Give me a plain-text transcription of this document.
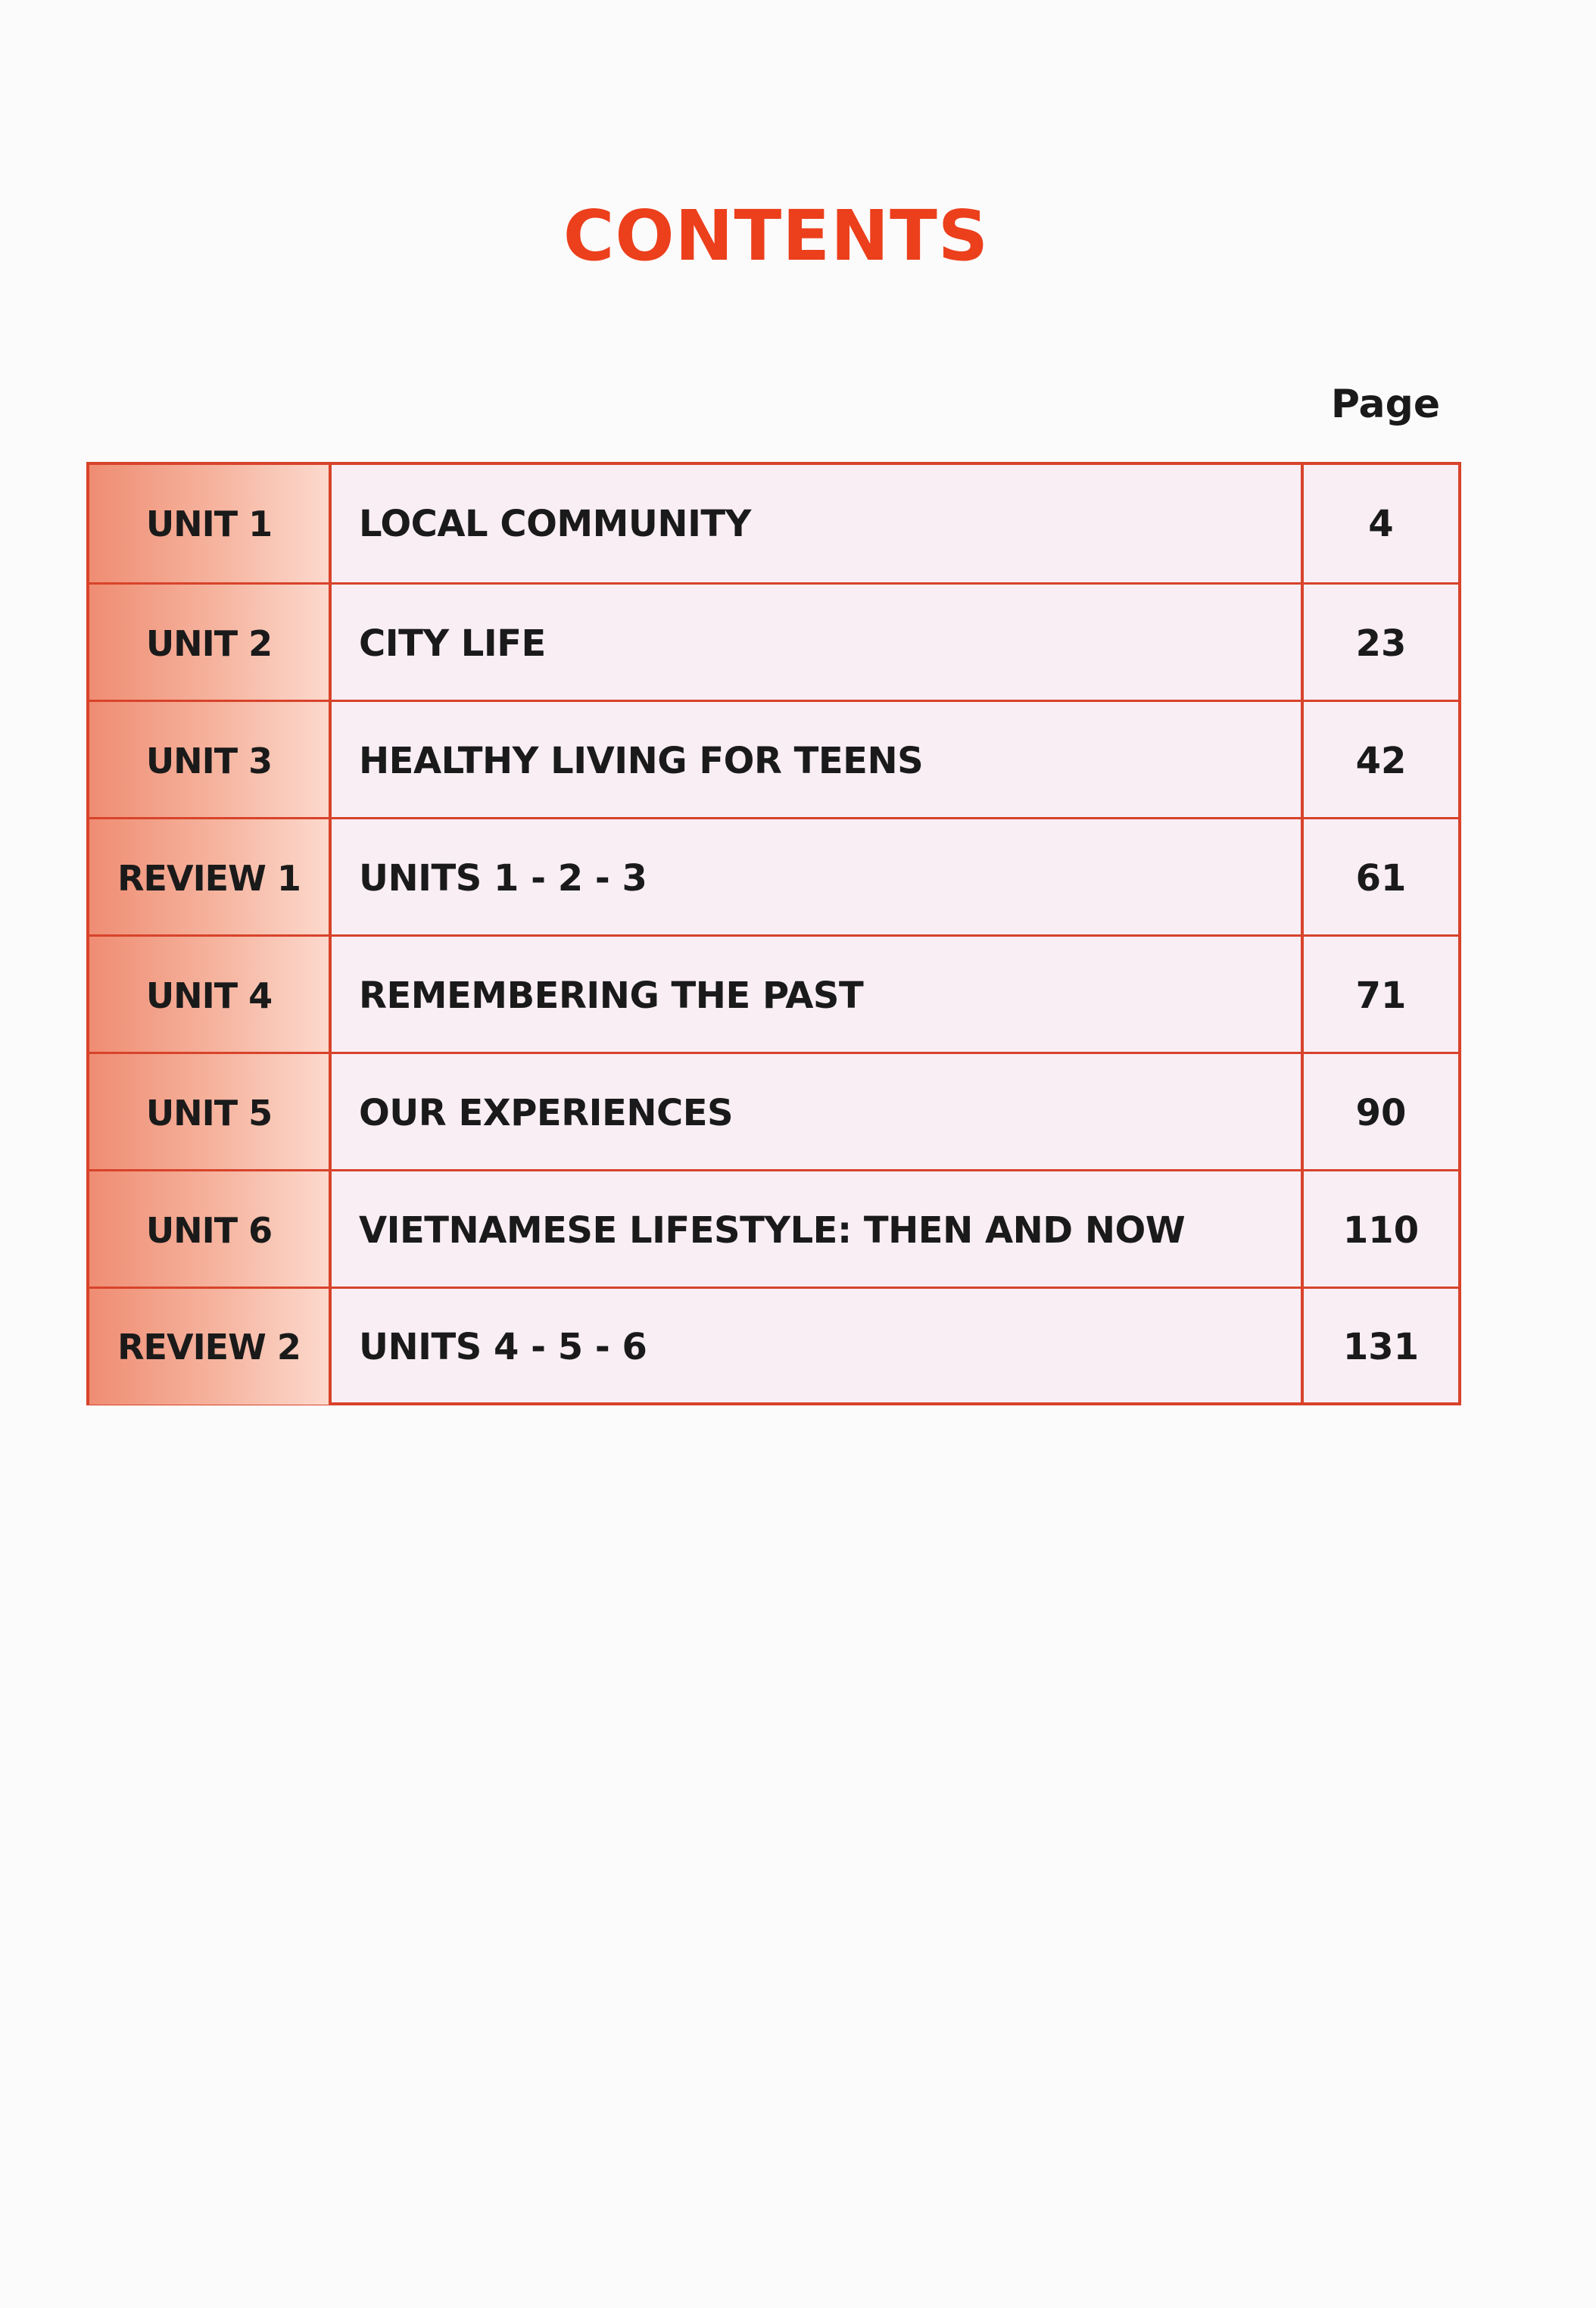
CONTENTS
Page
UNIT 1	LOCAL COMMUNITY	4
UNIT 2	CITY LIFE	23
UNIT 3	HEALTHY LIVING FOR TEENS	42
REVIEW 1	UNITS 1 - 2 - 3	61
UNIT 4	REMEMBERING THE PAST	71
UNIT 5	OUR EXPERIENCES	90
UNIT 6	VIETNAMESE LIFESTYLE: THEN AND NOW	110
REVIEW 2	UNITS 4 - 5 - 6	131
